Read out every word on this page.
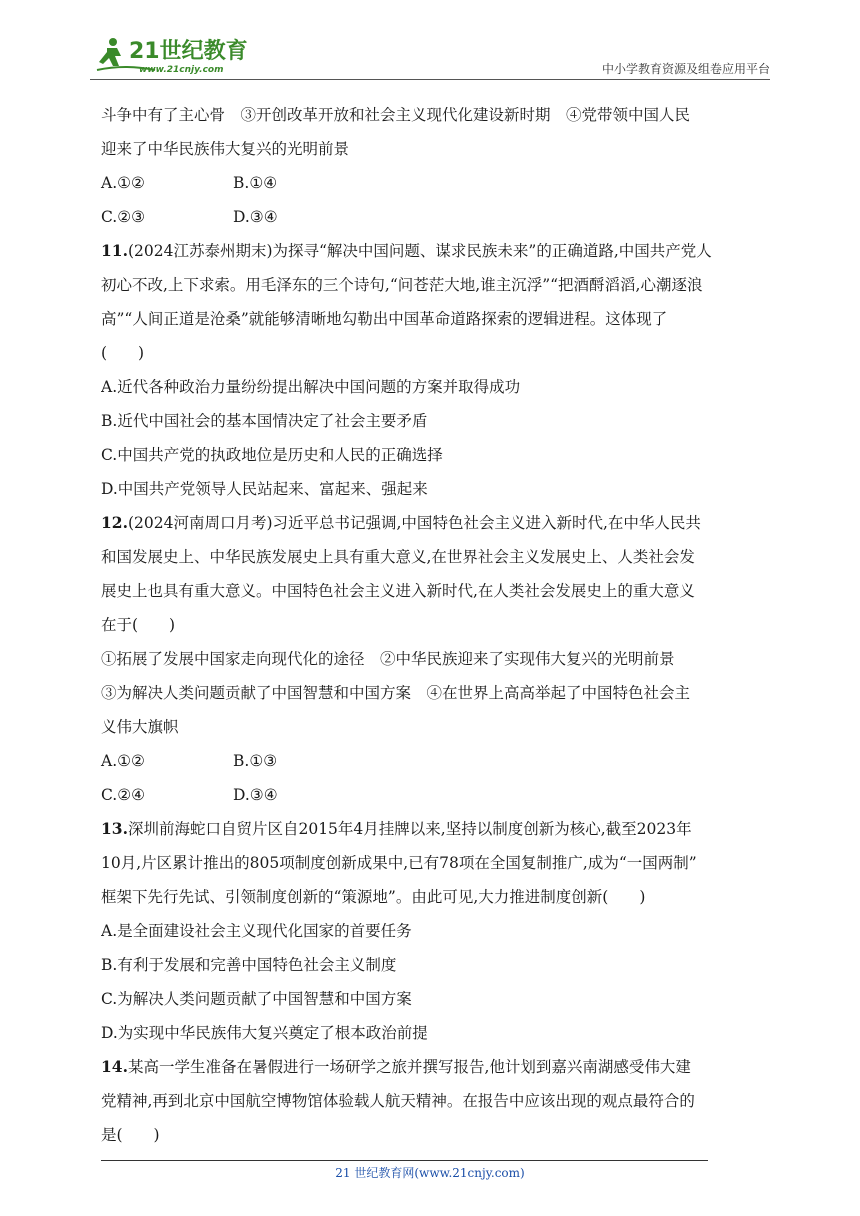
21世纪教育
www.21cnjy.com	中小学教育资源及组卷应用平台
斗争中有了主心骨　③开创改革开放和社会主义现代化建设新时期　④党带领中国人民
迎来了中华民族伟大复兴的光明前景
A.①②	B.①④
C.②③	D.③④
11.(2024江苏泰州期末)为探寻“解决中国问题、谋求民族未来”的正确道路,中国共产党人
初心不改,上下求索。用毛泽东的三个诗句,“问苍茫大地,谁主沉浮”“把酒酹滔滔,心潮逐浪
高”“人间正道是沧桑”就能够清晰地勾勒出中国革命道路探索的逻辑进程。这体现了
(　　)
A.近代各种政治力量纷纷提出解决中国问题的方案并取得成功
B.近代中国社会的基本国情决定了社会主要矛盾
C.中国共产党的执政地位是历史和人民的正确选择
D.中国共产党领导人民站起来、富起来、强起来
12.(2024河南周口月考)习近平总书记强调,中国特色社会主义进入新时代,在中华人民共
和国发展史上、中华民族发展史上具有重大意义,在世界社会主义发展史上、人类社会发
展史上也具有重大意义。中国特色社会主义进入新时代,在人类社会发展史上的重大意义
在于(　　)
①拓展了发展中国家走向现代化的途径　②中华民族迎来了实现伟大复兴的光明前景
③为解决人类问题贡献了中国智慧和中国方案　④在世界上高高举起了中国特色社会主
义伟大旗帜
A.①②	B.①③
C.②④	D.③④
13.深圳前海蛇口自贸片区自2015年4月挂牌以来,坚持以制度创新为核心,截至2023年
10月,片区累计推出的805项制度创新成果中,已有78项在全国复制推广,成为“一国两制”
框架下先行先试、引领制度创新的“策源地”。由此可见,大力推进制度创新(　　)
A.是全面建设社会主义现代化国家的首要任务
B.有利于发展和完善中国特色社会主义制度
C.为解决人类问题贡献了中国智慧和中国方案
D.为实现中华民族伟大复兴奠定了根本政治前提
14.某高一学生准备在暑假进行一场研学之旅并撰写报告,他计划到嘉兴南湖感受伟大建
党精神,再到北京中国航空博物馆体验载人航天精神。在报告中应该出现的观点最符合的
是(　　)
21 世纪教育网(www.21cnjy.com)
